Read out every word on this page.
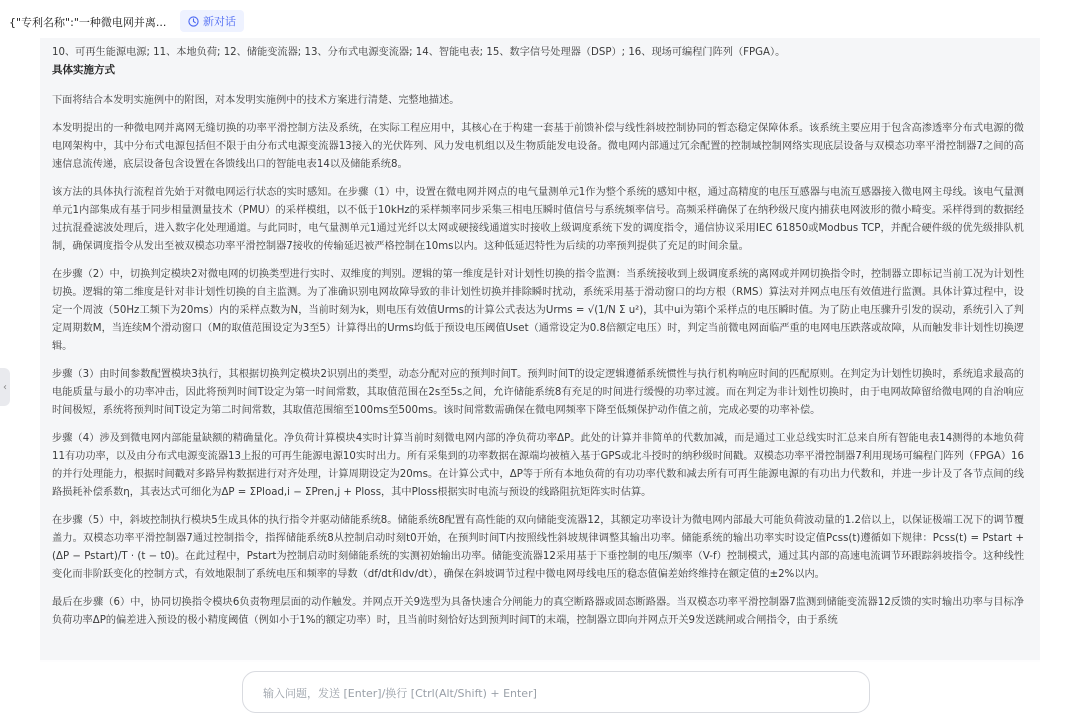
{"专利名称":"一种微电网并离...	新对话

10、可再生能源电源; 11、本地负荷; 12、储能变流器; 13、分布式电源变流器; 14、智能电表; 15、数字信号处理器（DSP）; 16、现场可编程门阵列（FPGA）。

具体实施方式

下面将结合本发明实施例中的附图，对本发明实施例中的技术方案进行清楚、完整地描述。

本发明提出的一种微电网并离网无缝切换的功率平滑控制方法及系统，在实际工程应用中，其核心在于构建一套基于前馈补偿与线性斜坡控制协同的暂态稳定保障体系。该系统主要应用于包含高渗透率分布式电源的微电网架构中，其中分布式电源包括但不限于由分布式电源变流器13接入的光伏阵列、风力发电机组以及生物质能发电设备。微电网内部通过冗余配置的控制域控制网络实现底层设备与双模态功率平滑控制器7之间的高速信息流传递，底层设备包含设置在各馈线出口的智能电表14以及储能系统8。

该方法的具体执行流程首先始于对微电网运行状态的实时感知。在步骤（1）中，设置在微电网并网点的电气量测单元1作为整个系统的感知中枢，通过高精度的电压互感器与电流互感器接入微电网主母线。该电气量测单元1内部集成有基于同步相量测量技术（PMU）的采样模组，以不低于10kHz的采样频率同步采集三相电压瞬时值信号与系统频率信号。高频采样确保了在纳秒级尺度内捕获电网波形的微小畸变。采样得到的数据经过抗混叠滤波处理后，进入数字化处理通道。与此同时，电气量测单元1通过光纤以太网或硬接线通道实时接收上级调度系统下发的调度指令，通信协议采用IEC 61850或Modbus TCP，并配合硬件级的优先级排队机制，确保调度指令从发出至被双模态功率平滑控制器7接收的传输延迟被严格控制在10ms以内。这种低延迟特性为后续的功率预判提供了充足的时间余量。

在步骤（2）中，切换判定模块2对微电网的切换类型进行实时、双维度的判别。逻辑的第一维度是针对计划性切换的指令监测：当系统接收到上级调度系统的离网或并网切换指令时，控制器立即标记当前工况为计划性切换。逻辑的第二维度是针对非计划性切换的自主监测。为了准确识别电网故障导致的非计划性切换并排除瞬时扰动，系统采用基于滑动窗口的均方根（RMS）算法对并网点电压有效值进行监测。具体计算过程中，设定一个周波（50Hz工频下为20ms）内的采样点数为N，当前时刻为k，则电压有效值Urms的计算公式表达为Urms = √(1/N Σ u²)，其中ui为第i个采样点的电压瞬时值。为了防止电压骤升引发的误动，系统引入了判定周期数M，当连续M个滑动窗口（M的取值范围设定为3至5）计算得出的Urms均低于预设电压阈值Uset（通常设定为0.8倍额定电压）时，判定当前微电网面临严重的电网电压跌落或故障，从而触发非计划性切换逻辑。

步骤（3）由时间参数配置模块3执行，其根据切换判定模块2识别出的类型，动态分配对应的预判时间T。预判时间T的设定逻辑遵循系统惯性与执行机构响应时间的匹配原则。在判定为计划性切换时，系统追求最高的电能质量与最小的功率冲击，因此将预判时间T设定为第一时间常数，其取值范围在2s至5s之间，允许储能系统8有充足的时间进行缓慢的功率过渡。而在判定为非计划性切换时，由于电网故障留给微电网的自治响应时间极短，系统将预判时间T设定为第二时间常数，其取值范围缩至100ms至500ms。该时间常数需确保在微电网频率下降至低频保护动作值之前，完成必要的功率补偿。

步骤（4）涉及到微电网内部能量缺额的精确量化。净负荷计算模块4实时计算当前时刻微电网内部的净负荷功率ΔP。此处的计算并非简单的代数加减，而是通过工业总线实时汇总来自所有智能电表14测得的本地负荷11有功功率，以及由分布式电源变流器13上报的可再生能源电源10实时出力。所有采集到的功率数据在源端均被植入基于GPS或北斗授时的纳秒级时间戳。双模态功率平滑控制器7利用现场可编程门阵列（FPGA）16的并行处理能力，根据时间戳对多路异构数据进行对齐处理，计算周期设定为20ms。在计算公式中，ΔP等于所有本地负荷的有功功率代数和减去所有可再生能源电源的有功出力代数和，并进一步计及了各节点间的线路损耗补偿系数η，其表达式可细化为ΔP = ΣPload,i − ΣPren,j + Ploss，其中Ploss根据实时电流与预设的线路阻抗矩阵实时估算。

在步骤（5）中，斜坡控制执行模块5生成具体的执行指令并驱动储能系统8。储能系统8配置有高性能的双向储能变流器12，其额定功率设计为微电网内部最大可能负荷波动量的1.2倍以上，以保证极端工况下的调节覆盖力。双模态功率平滑控制器7通过控制指令，指挥储能系统8从控制启动时刻t0开始，在预判时间T内按照线性斜坡规律调整其输出功率。储能系统的输出功率实时设定值Pcss(t)遵循如下规律：Pcss(t) = Pstart + (ΔP − Pstart)/T · (t − t0)。在此过程中，Pstart为控制启动时刻储能系统的实测初始输出功率。储能变流器12采用基于下垂控制的电压/频率（V-f）控制模式，通过其内部的高速电流调节环跟踪斜坡指令。这种线性变化而非阶跃变化的控制方式，有效地限制了系统电压和频率的导数（df/dt和dv/dt），确保在斜坡调节过程中微电网母线电压的稳态值偏差始终维持在额定值的±2%以内。

最后在步骤（6）中，协同切换指令模块6负责物理层面的动作触发。并网点开关9选型为具备快速合分闸能力的真空断路器或固态断路器。当双模态功率平滑控制器7监测到储能变流器12反馈的实时输出功率与目标净负荷功率ΔP的偏差进入预设的极小精度阈值（例如小于1%的额定功率）时，且当前时刻恰好达到预判时间T的末端，控制器立即向并网点开关9发送跳闸或合闸指令，由于系统

‹
输入问题，发送 [Enter]/换行 [Ctrl(Alt/Shift) + Enter]
